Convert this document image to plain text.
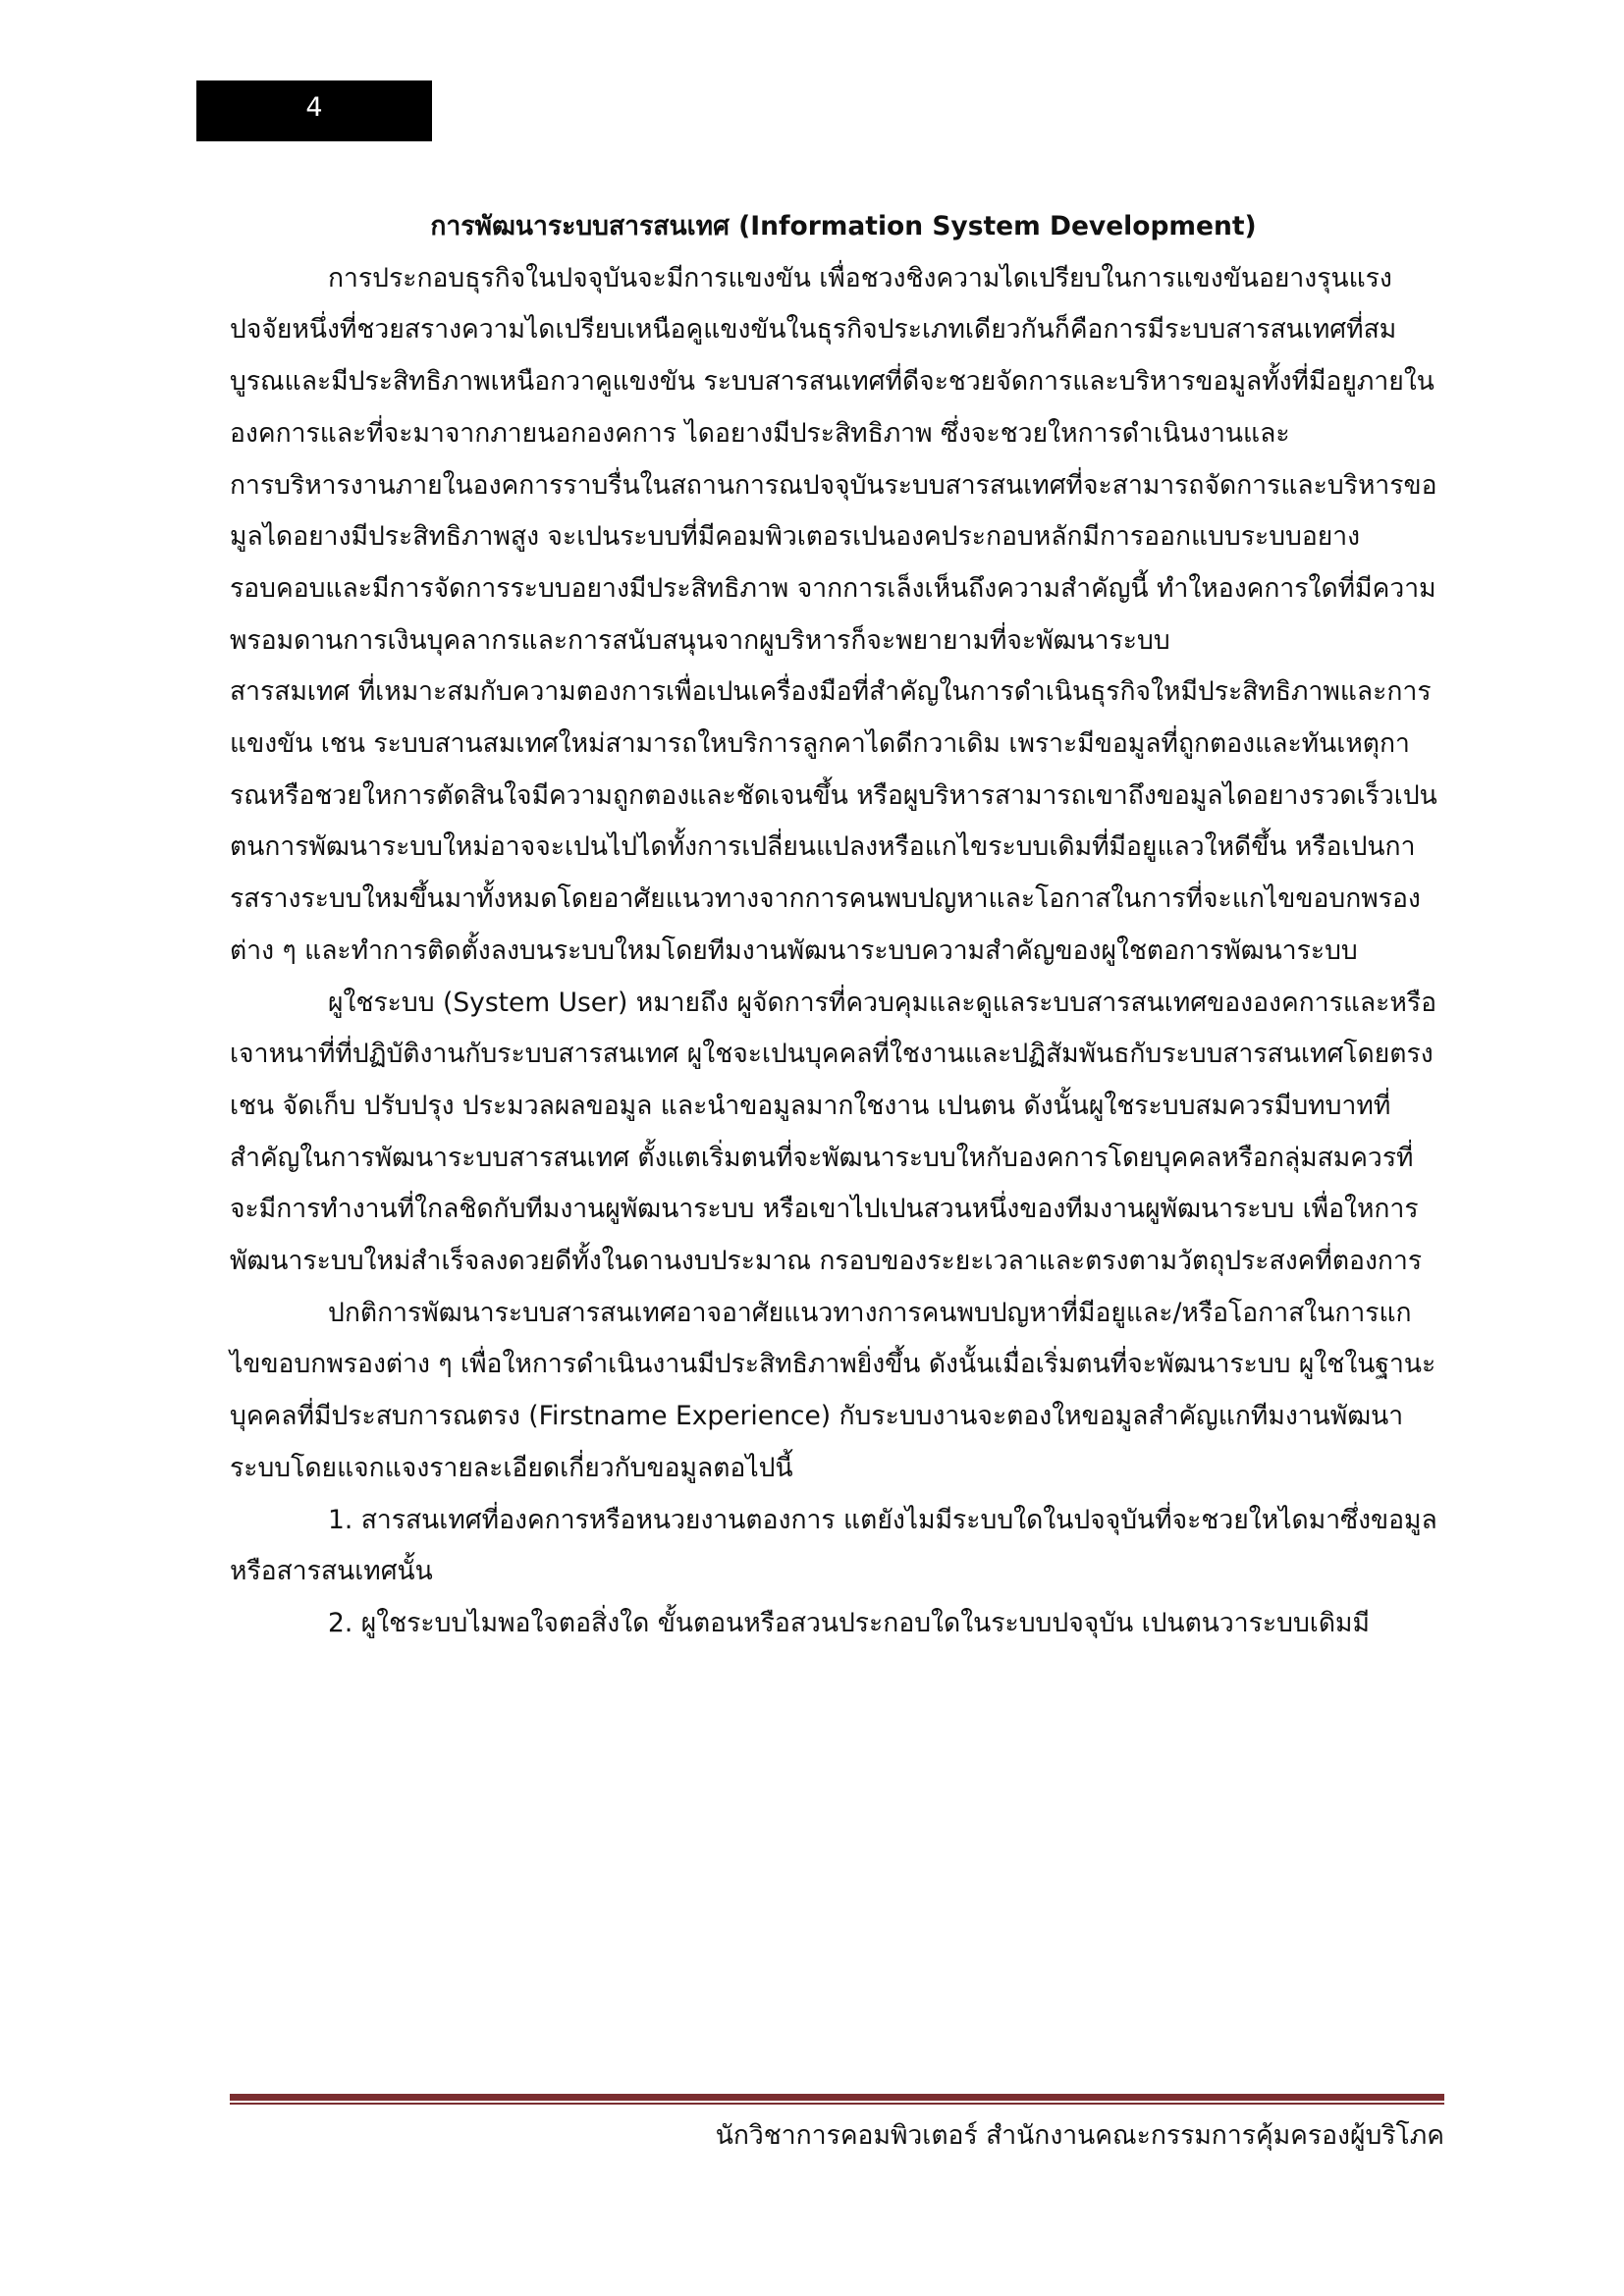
4

การพัฒนาระบบสารสนเทศ (Information System Development)

การประกอบธุรกิจในปจจุบันจะมีการแขงขัน เพื่อชวงชิงความไดเปรียบในการแขงขันอยางรุนแรง ปจจัยหนึ่งที่ชวยสรางความไดเปรียบเหนือคูแขงขันในธุรกิจประเภทเดียวกันก็คือการมีระบบสารสนเทศที่สมบูรณและมีประสิทธิภาพเหนือกวาคูแขงขัน ระบบสารสนเทศที่ดีจะชวยจัดการและบริหารขอมูลทั้งที่มีอยูภายในองคการและที่จะมาจากภายนอกองคการ ไดอยางมีประสิทธิภาพ ซึ่งจะชวยใหการดําเนินงานและ

การบริหารงานภายในองคการราบรื่นในสถานการณปจจุบันระบบสารสนเทศที่จะสามารถจัดการและบริหารขอมูลไดอยางมีประสิทธิภาพสูง จะเปนระบบที่มีคอมพิวเตอรเปนองคประกอบหลักมีการออกแบบระบบอยางรอบคอบและมีการจัดการระบบอยางมีประสิทธิภาพ จากการเล็งเห็นถึงความสําคัญนี้ ทําใหองคการใดที่มีความพรอมดานการเงินบุคลากรและการสนับสนุนจากผูบริหารก็จะพยายามที่จะพัฒนาระบบ

สารสมเทศ ที่เหมาะสมกับความตองการเพื่อเปนเครื่องมือที่สําคัญในการดําเนินธุรกิจใหมีประสิทธิภาพและการแขงขัน เชน ระบบสานสมเทศใหม่สามารถใหบริการลูกคาไดดีกวาเดิม เพราะมีขอมูลที่ถูกตองและทันเหตุการณหรือชวยใหการตัดสินใจมีความถูกตองและชัดเจนขึ้น หรือผูบริหารสามารถเขาถึงขอมูลไดอยางรวดเร็วเปนตนการพัฒนาระบบใหม่อาจจะเปนไปไดทั้งการเปลี่ยนแปลงหรือแกไขระบบเดิมที่มีอยูแลวใหดีขึ้น หรือเปนการสรางระบบใหมขึ้นมาทั้งหมดโดยอาศัยแนวทางจากการคนพบปญหาและโอกาสในการที่จะแกไขขอบกพรองต่าง ๆ และทําการติดตั้งลงบนระบบใหมโดยทีมงานพัฒนาระบบความสําคัญของผูใชตอการพัฒนาระบบ

ผูใชระบบ (System User) หมายถึง ผูจัดการที่ควบคุมและดูแลระบบสารสนเทศขององคการและหรือเจาหนาที่ที่ปฏิบัติงานกับระบบสารสนเทศ ผูใชจะเปนบุคคลที่ใชงานและปฏิสัมพันธกับระบบสารสนเทศโดยตรง เชน จัดเก็บ ปรับปรุง ประมวลผลขอมูล และนําขอมูลมากใชงาน เปนตน ดังนั้นผูใชระบบสมควรมีบทบาทที่สําคัญในการพัฒนาระบบสารสนเทศ ตั้งแตเริ่มตนที่จะพัฒนาระบบใหกับองคการโดยบุคคลหรือกลุ่มสมควรที่จะมีการทํางานที่ใกลชิดกับทีมงานผูพัฒนาระบบ หรือเขาไปเปนสวนหนึ่งของทีมงานผูพัฒนาระบบ เพื่อใหการพัฒนาระบบใหม่สําเร็จลงดวยดีทั้งในดานงบประมาณ กรอบของระยะเวลาและตรงตามวัตถุประสงคที่ตองการ

ปกติการพัฒนาระบบสารสนเทศอาจอาศัยแนวทางการคนพบปญหาที่มีอยูและ/หรือโอกาสในการแกไขขอบกพรองต่าง ๆ เพื่อใหการดําเนินงานมีประสิทธิภาพยิ่งขึ้น ดังนั้นเมื่อเริ่มตนที่จะพัฒนาระบบ ผูใชในฐานะบุคคลที่มีประสบการณตรง (Firstname Experience) กับระบบงานจะตองใหขอมูลสําคัญแกทีมงานพัฒนาระบบโดยแจกแจงรายละเอียดเกี่ยวกับขอมูลตอไปนี้

1. สารสนเทศที่องคการหรือหนวยงานตองการ แตยังไมมีระบบใดในปจจุบันที่จะชวยใหไดมาซึ่งขอมูลหรือสารสนเทศนั้น

2. ผูใชระบบไมพอใจตอสิ่งใด ขั้นตอนหรือสวนประกอบใดในระบบปจจุบัน เปนตนวาระบบเดิมมี

นักวิชาการคอมพิวเตอร์ สำนักงานคณะกรรมการคุ้มครองผู้บริโภค
